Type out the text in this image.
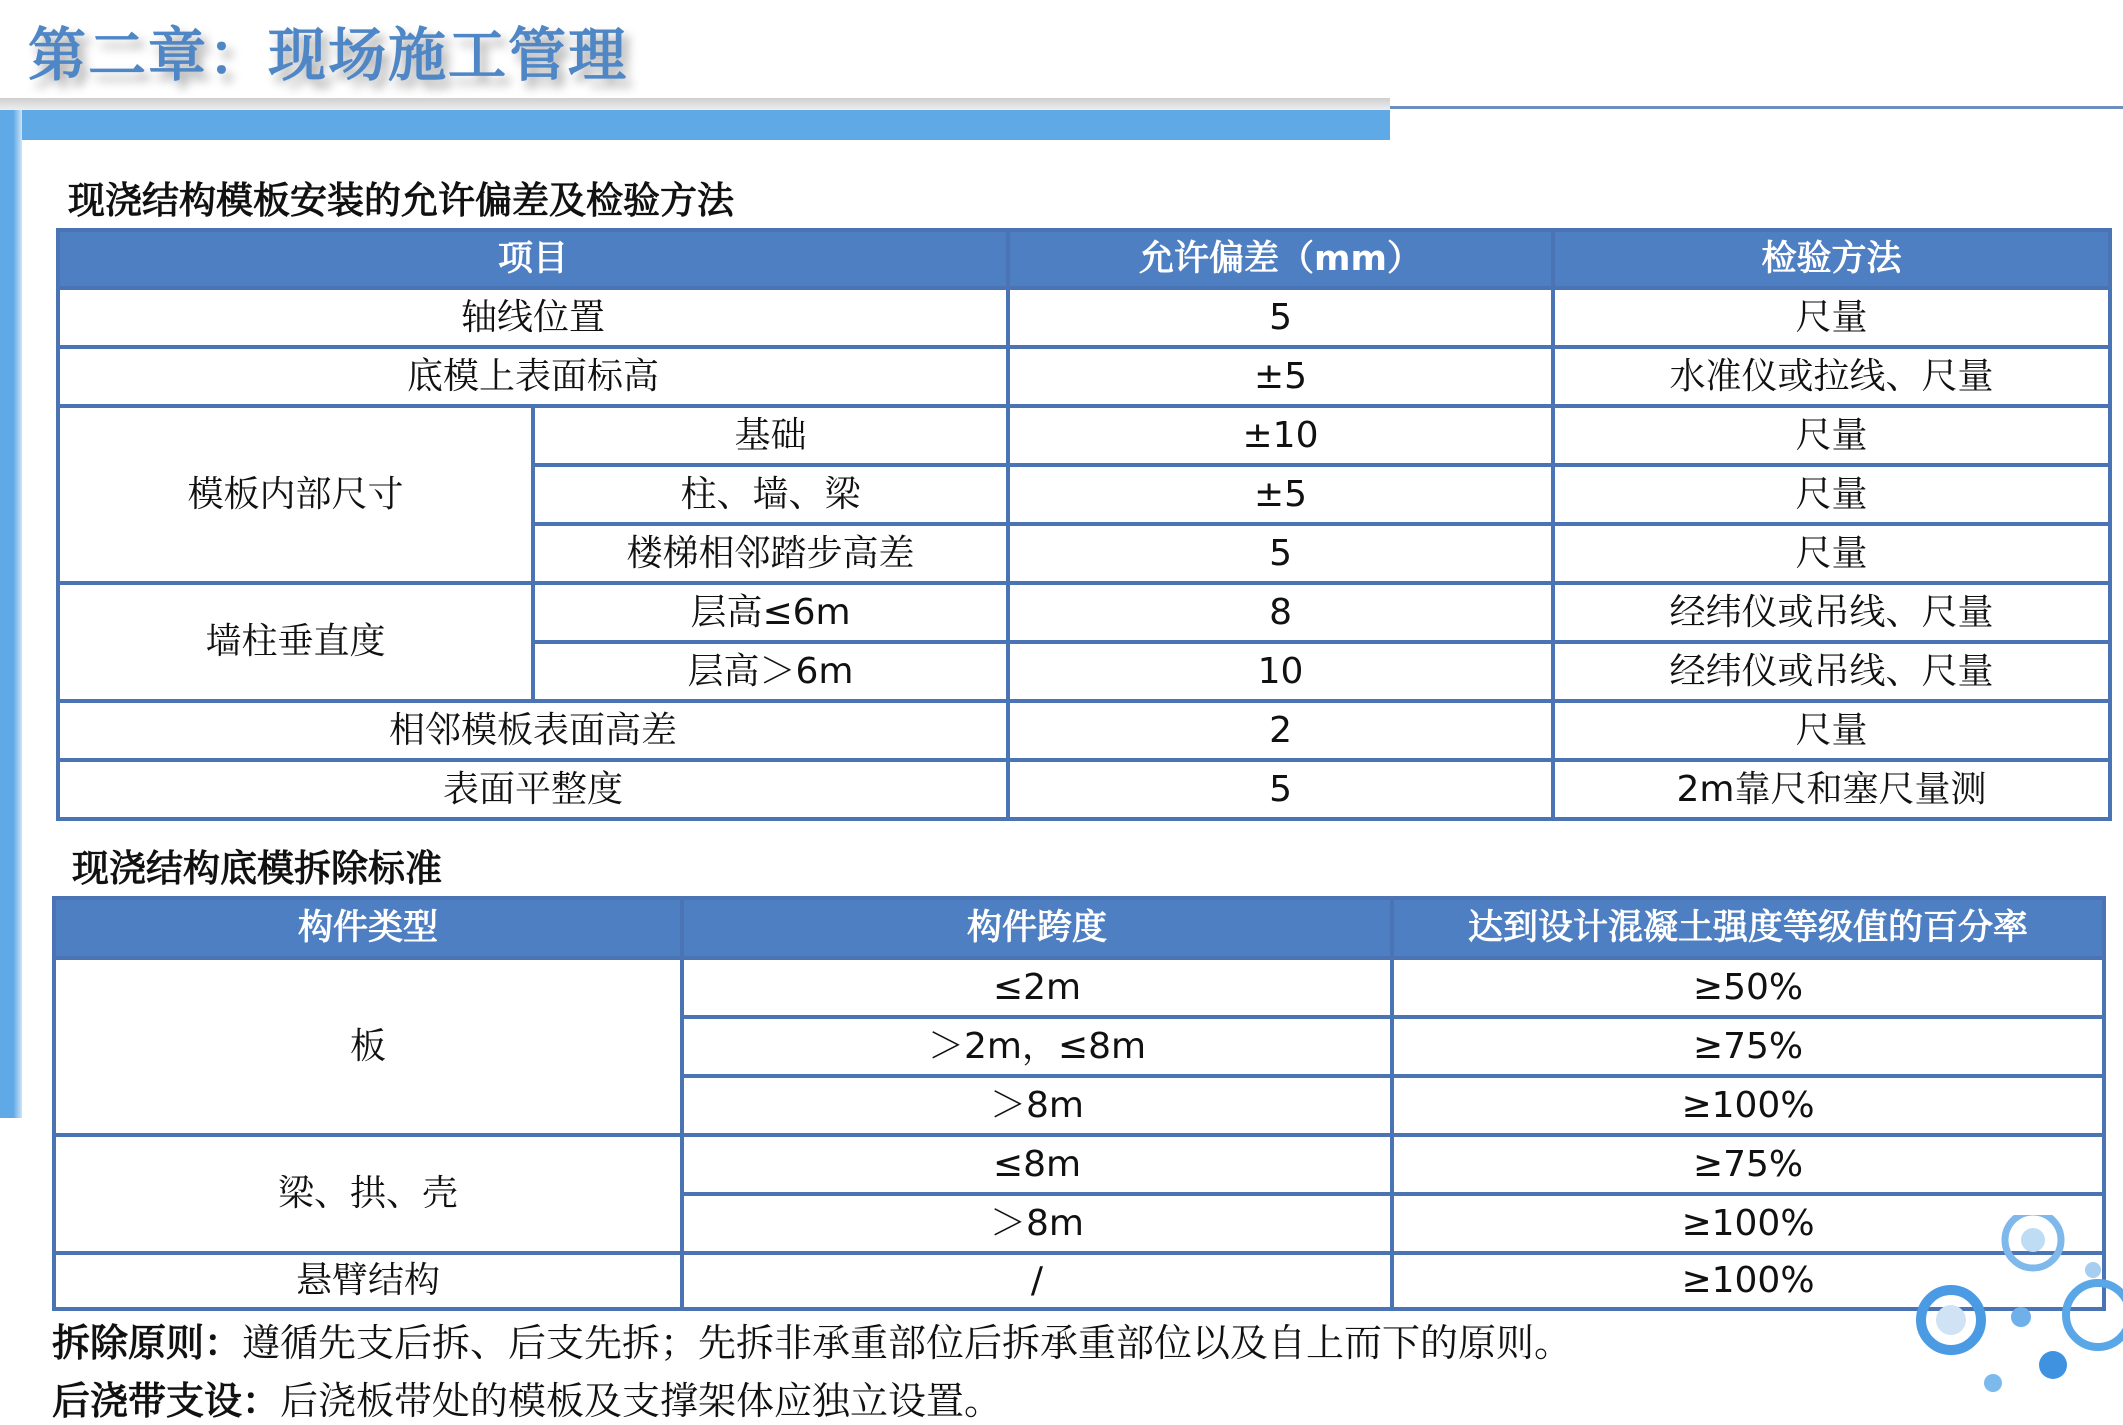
第二章：现场施工管理
现浇结构模板安装的允许偏差及检验方法
项目		允许偏差（mm）	检验方法
轴线位置		5	尺量
底模上表面标高		±5	水准仪或拉线、尺量
模板内部尺寸	基础	±10	尺量
	柱、墙、梁	±5	尺量
	楼梯相邻踏步高差	5	尺量
墙柱垂直度	层高≤6m	8	经纬仪或吊线、尺量
	层高＞6m	10	经纬仪或吊线、尺量
相邻模板表面高差		2	尺量
表面平整度		5	2m靠尺和塞尺量测
现浇结构底模拆除标准
构件类型	构件跨度	达到设计混凝土强度等级值的百分率
板	≤2m	≥50%
	＞2m，≤8m	≥75%
	＞8m	≥100%
梁、拱、壳	≤8m	≥75%
	＞8m	≥100%
悬臂结构	/	≥100%
拆除原则：遵循先支后拆、后支先拆；先拆非承重部位后拆承重部位以及自上而下的原则。
后浇带支设：后浇板带处的模板及支撑架体应独立设置。
